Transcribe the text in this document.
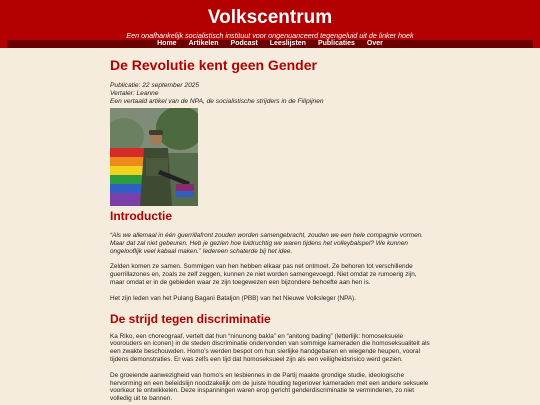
Volkscentrum
Een onafhankelijk socialistisch instituut voor ongenuanceerd tegengeluid uit de linker hoek
Home	Artikelen	Podcast	Leeslijsten	Publicaties	Over
De Revolutie kent geen Gender
Publicatie: 22 september 2025
Vertaler: Leanne
Een vertaald artikel van de NPA, de socialistische strijders in de Filipijnen
Introductie

“Als we allemaal in één guerrillafront zouden worden samengebracht, zouden we een hele compagnie vormen. Maar dat zal niet gebeuren. Heb je gezien hoe luidruchtig we waren tijdens het volleybalspel? We kunnen ongelooflijk veel kabaal maken.” Iedereen schaterde bij het idee.

Zelden komen ze samen. Sommigen van hen hebben elkaar pas net ontmoet. Ze behoren tot verschillende guerrillazones en, zoals ze zelf zeggen, kunnen ze niet worden samengevoegd. Niet omdat ze rumoerig zijn, maar omdat er in de gebieden waar ze zijn toegewezen een bijzondere behoefte aan hen is.

Het zijn leden van het Pulang Bagani Bataljon (PBB) van het Nieuwe Volksleger (NPA).

De strijd tegen discriminatie

Ka Riko, een choreograaf, vertelt dat hun “ninunong bakla” en “anitong bading” (letterlijk: homoseksuele voorouders en iconen) in de steden discriminatie ondervonden van sommige kameraden die homoseksualiteit als een zwakte beschouwden. Homo’s werden bespot om hun sierlijke handgebaren en wiegende heupen, vooral tijdens demonstraties. Er was zelfs een tijd dat homoseksueel zijn als een veiligheidsrisico werd gezien.

De groeiende aanwezigheid van homo’s en lesbiennes in de Partij maakte grondige studie, ideologische hervorming en een beleidslijn noodzakelijk om de juiste houding tegenover kameraden met een andere seksuele voorkeur te ontwikkelen. Deze inspanningen waren erop gericht genderdiscriminatie te verminderen, zo niet volledig uit te bannen.
